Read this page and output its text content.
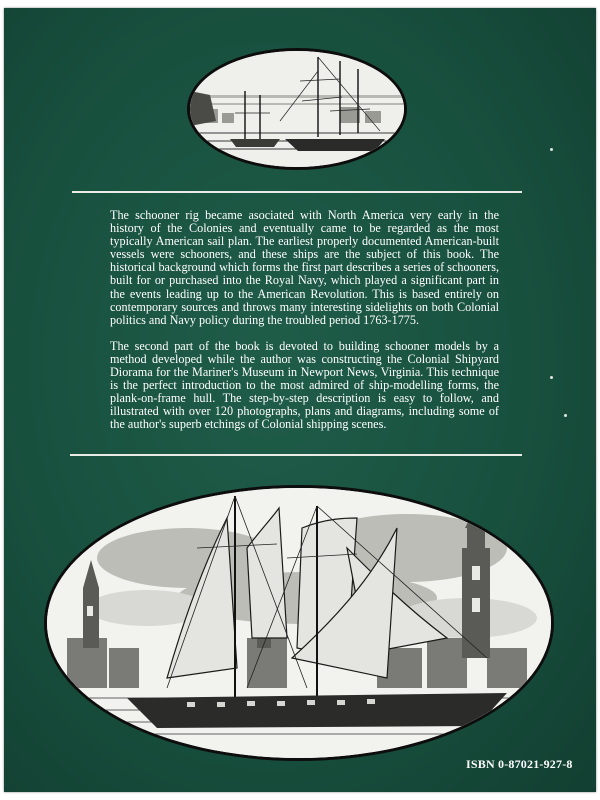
The schooner rig became asociated with North America very early in the history of the Colonies and eventually came to be regarded as the most typically American sail plan. The earliest properly documented American-built vessels were schooners, and these ships are the subject of this book. The historical background which forms the first part describes a series of schooners, built for or purchased into the Royal Navy, which played a significant part in the events leading up to the American Revolution. This is based entirely on contemporary sources and throws many interesting sidelights on both Colonial politics and Navy policy during the troubled period 1763-1775.

The second part of the book is devoted to building schooner models by a method developed while the author was constructing the Colonial Shipyard Diorama for the Mariner's Museum in Newport News, Virginia. This technique is the perfect introduction to the most admired of ship-modelling forms, the plank-on-frame hull. The step-by-step description is easy to follow, and illustrated with over 120 photographs, plans and diagrams, including some of the author's superb etchings of Colonial shipping scenes.

ISBN 0-87021-927-8
